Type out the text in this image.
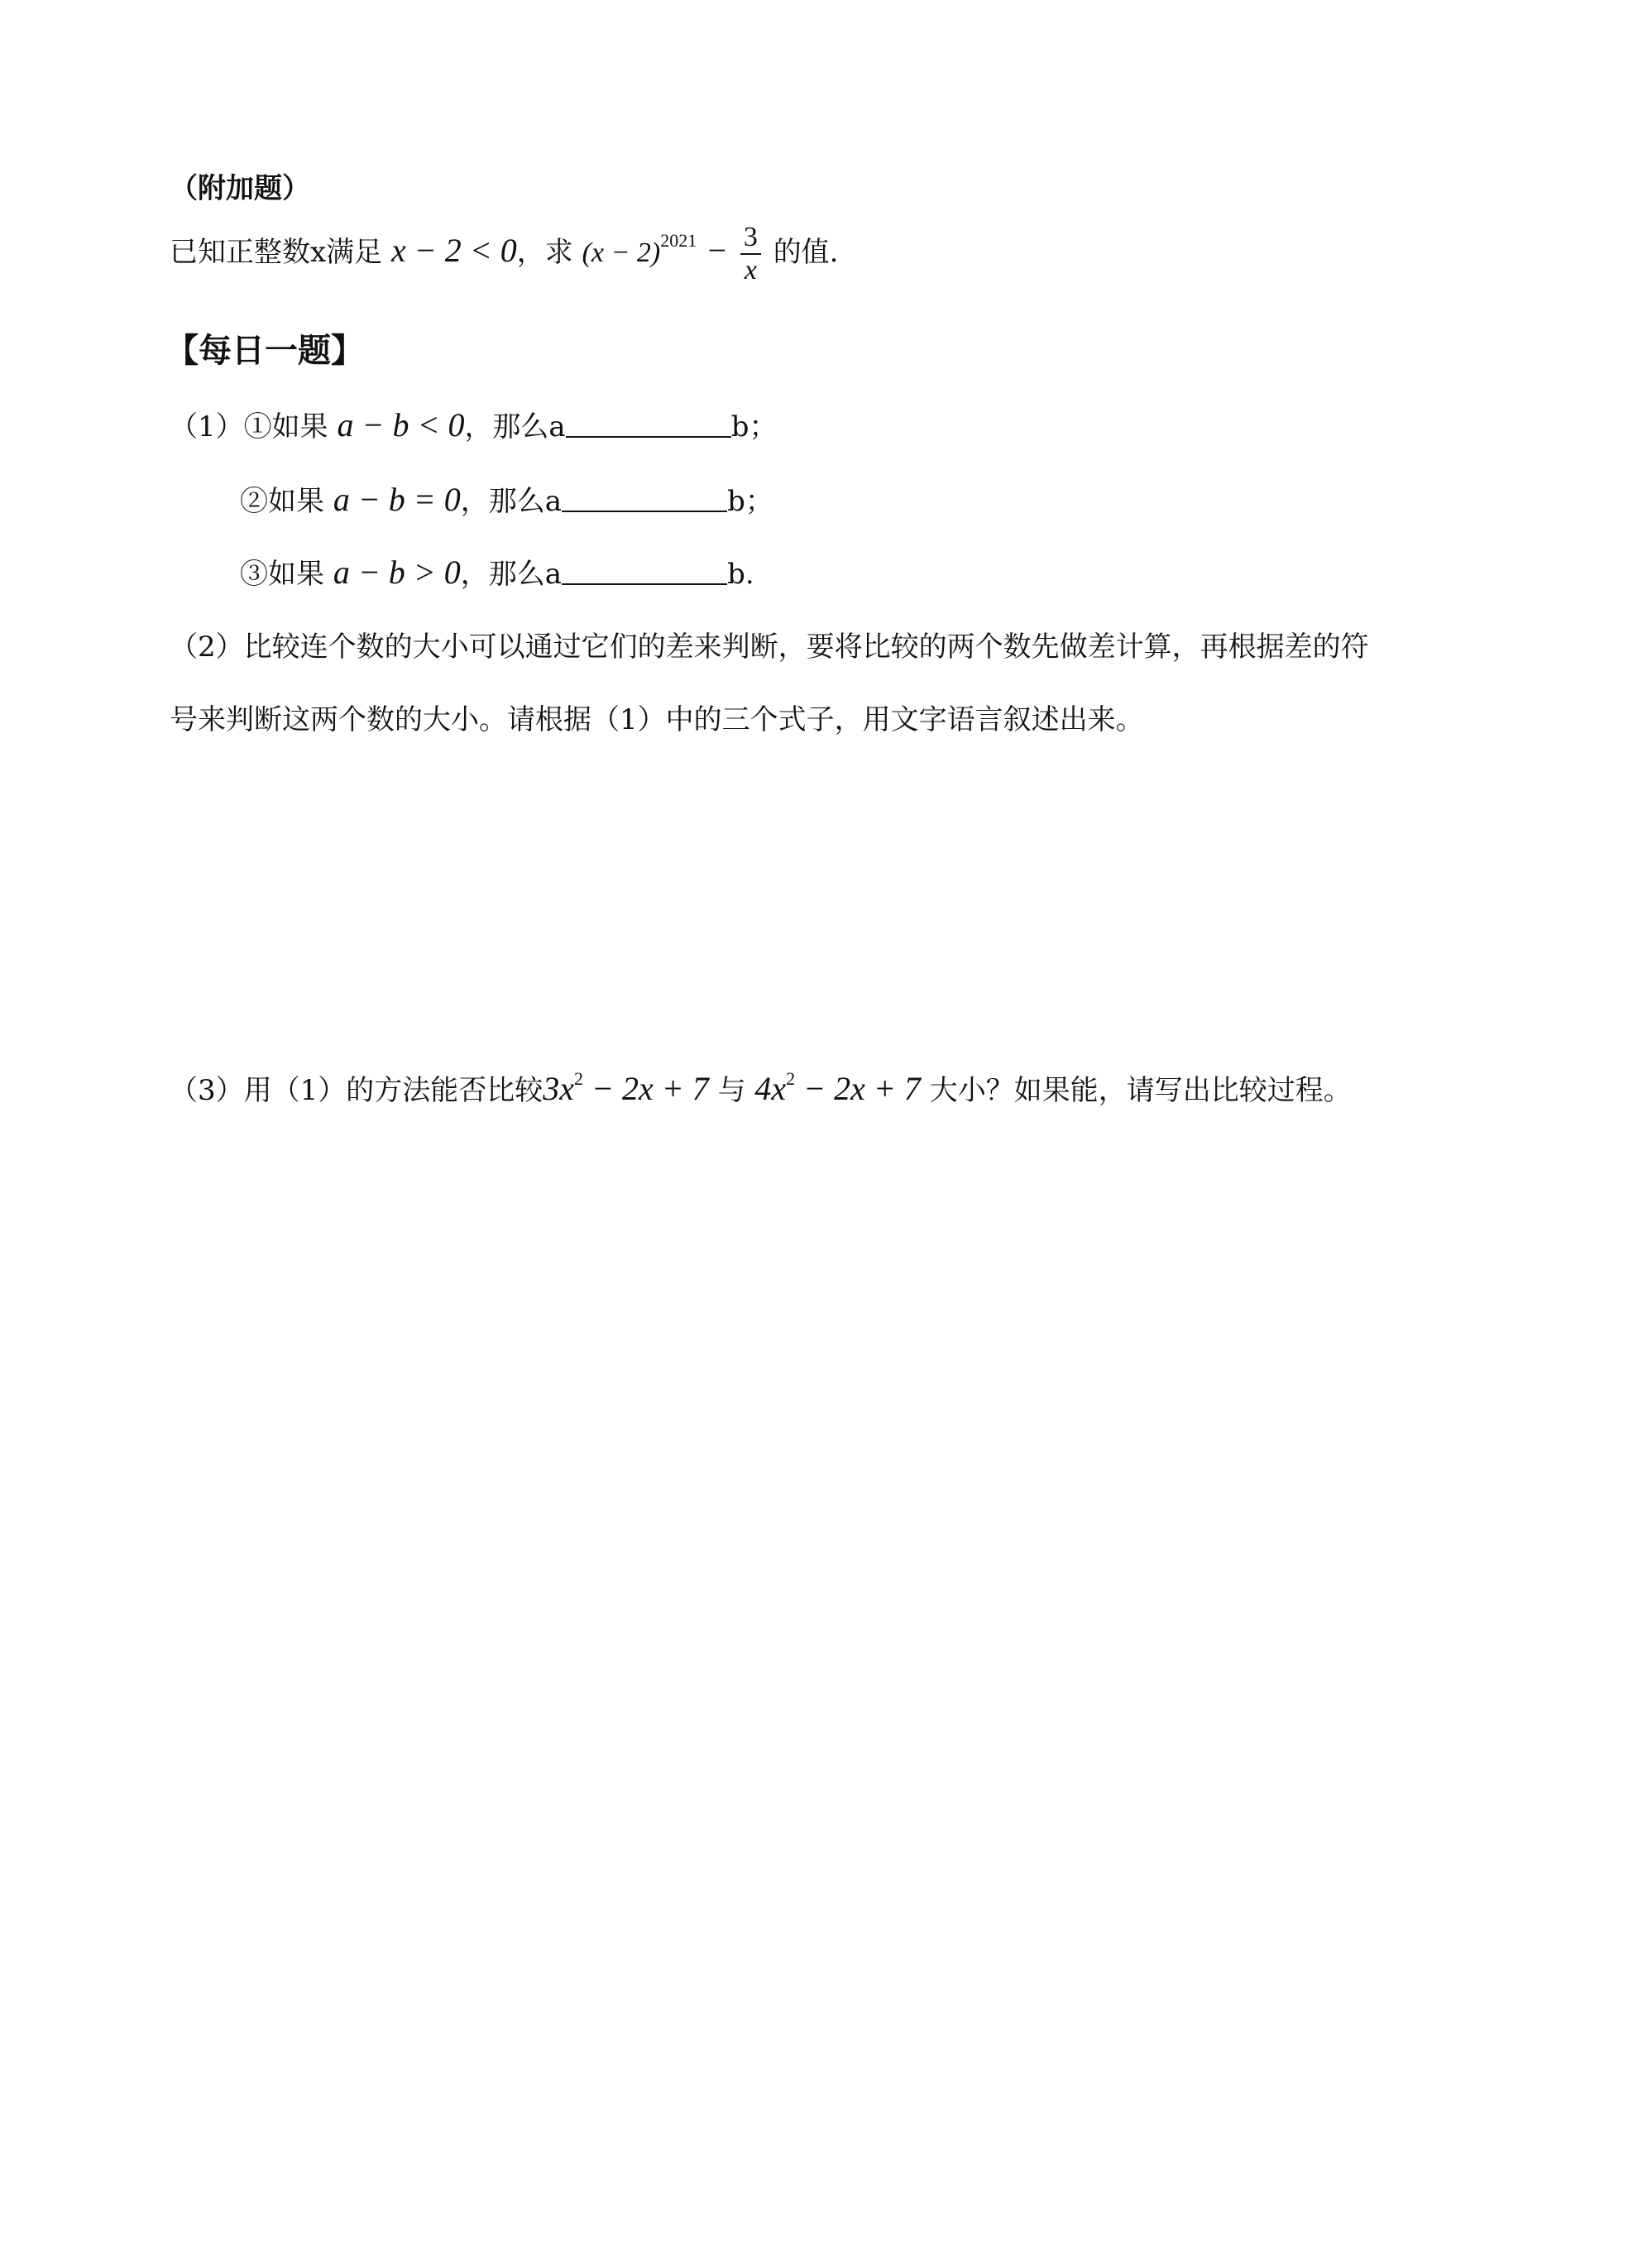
（附加题）
已知正整数x满足 x − 2 < 0，求 $(x - 2)^{2021} - \frac{3}{x}$ 的值.
【每日一题】
（1）①如果 a − b < 0，那么a	b；
②如果 a − b = 0，那么a	b；
③如果 a − b > 0，那么a	b.
（2）比较连个数的大小可以通过它们的差来判断，要将比较的两个数先做差计算，再根据差的符
号来判断这两个数的大小。请根据（1）中的三个式子，用文字语言叙述出来。
（3）用（1）的方法能否比较$3x^2 - 2x + 7$ 与 $4x^2 - 2x + 7$ 大小？如果能，请写出比较过程。
